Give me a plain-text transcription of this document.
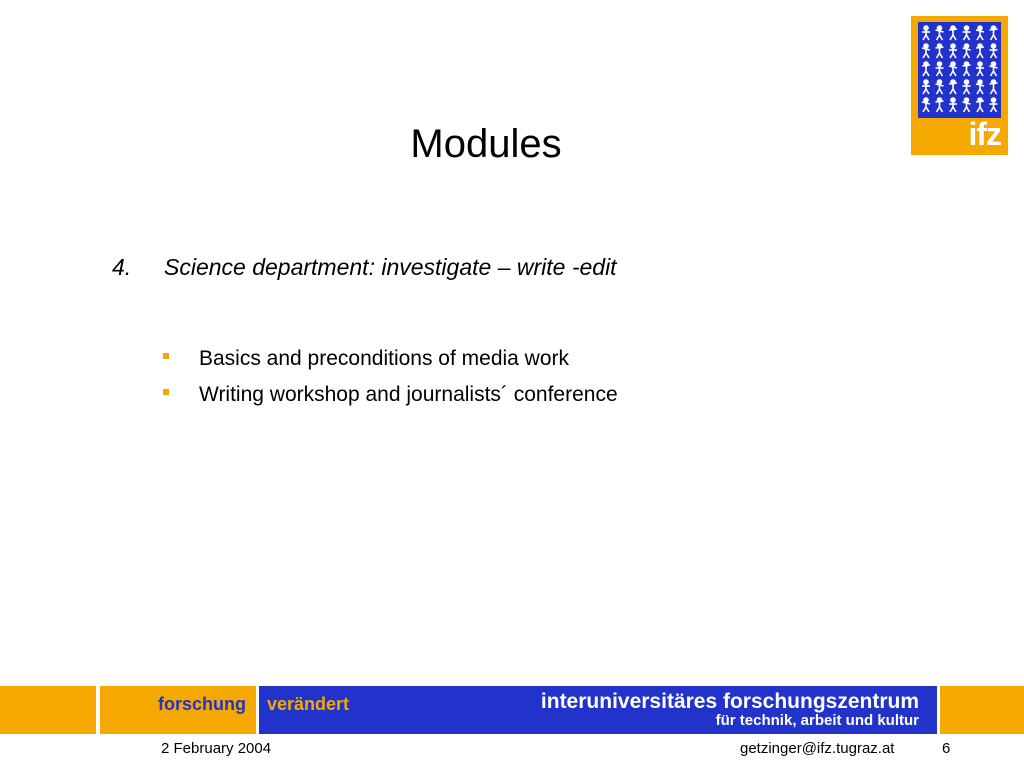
ifz
Modules
4.	Science department: investigate – write -edit
Basics and preconditions of media work
Writing workshop and journalists´ conference
forschung verändert	interuniversitäres forschungszentrum
für technik, arbeit und kultur
2 February 2004	getzinger@ifz.tugraz.at	6
